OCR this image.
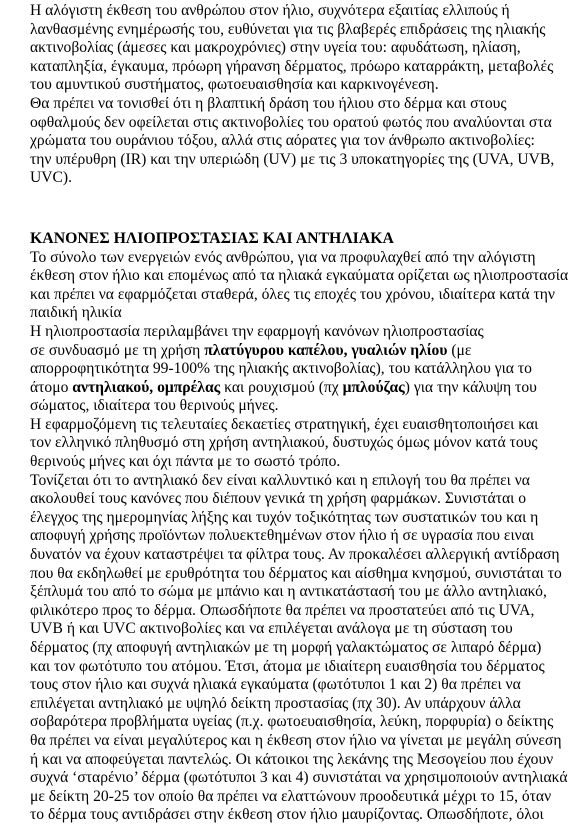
Η αλόγιστη έκθεση του ανθρώπου στον ήλιο, συχνότερα εξαιτίας ελλιπούς ή
λανθασμένης ενημέρωσής του, ευθύνεται για τις βλαβερές επιδράσεις της ηλιακής
ακτινοβολίας (άμεσες και μακροχρόνιες) στην υγεία του: αφυδάτωση, ηλίαση,
καταπληξία, έγκαυμα, πρόωρη γήρανση δέρματος, πρόωρο καταρράκτη, μεταβολές
του αμυντικού συστήματος, φωτοευαισθησία και καρκινογένεση.
Θα πρέπει να τονισθεί ότι η βλαπτική δράση του ήλιου στο δέρμα και στους
οφθαλμούς δεν οφείλεται στις ακτινοβολίες του ορατού φωτός που αναλύονται στα
χρώματα του ουράνιου τόξου, αλλά στις αόρατες για τον άνθρωπο ακτινοβολίες:
την υπέρυθρη (IR) και την υπεριώδη (UV) με τις 3 υποκατηγορίες της (UVA, UVB,
UVC).
ΚΑΝΟΝΕΣ ΗΛΙΟΠΡΟΣΤΑΣΙΑΣ ΚΑΙ ΑΝΤΗΛΙΑΚΑ
Το σύνολο των ενεργειών ενός ανθρώπου, για να προφυλαχθεί από την αλόγιστη
έκθεση στον ήλιο και επομένως από τα ηλιακά εγκαύματα ορίζεται ως ηλιοπροστασία
και πρέπει να εφαρμόζεται σταθερά, όλες τις εποχές του χρόνου, ιδιαίτερα κατά την
παιδική ηλικία
Η ηλιοπροστασία περιλαμβάνει την εφαρμογή κανόνων ηλιοπροστασίας
σε συνδυασμό με τη χρήση πλατύγυρου καπέλου, γυαλιών ηλίου (με
απορροφητικότητα 99-100% της ηλιακής ακτινοβολίας), του κατάλληλου για το
άτομο αντηλιακού, ομπρέλας και ρουχισμού (πχ μπλούζας) για την κάλυψη του
σώματος, ιδιαίτερα του θερινούς μήνες.
Η εφαρμοζόμενη τις τελευταίες δεκαετίες στρατηγική, έχει ευαισθητοποιήσει και
τον ελληνικό πληθυσμό στη χρήση αντηλιακού, δυστυχώς όμως μόνον κατά τους
θερινούς μήνες και όχι πάντα με το σωστό τρόπο.
Τονίζεται ότι το αντηλιακό δεν είναι καλλυντικό και η επιλογή του θα πρέπει να
ακολουθεί τους κανόνες που διέπουν γενικά τη χρήση φαρμάκων. Συνιστάται ο
έλεγχος της ημερομηνίας λήξης και τυχόν τοξικότητας των συστατικών του και η
αποφυγή χρήσης προϊόντων πολυεκτεθημένων στον ήλιο ή σε υγρασία που ειναι
δυνατόν να έχουν καταστρέψει τα φίλτρα τους. Αν προκαλέσει αλλεργική αντίδραση
που θα εκδηλωθεί με ερυθρότητα του δέρματος και αίσθημα κνησμού, συνιστάται το
ξέπλυμά του από το σώμα με μπάνιο και η αντικατάστασή του με άλλο αντηλιακό,
φιλικότερο προς το δέρμα. Οπωσδήποτε θα πρέπει να προστατεύει από τις UVA,
UVB ή και UVC ακτινοβολίες και να επιλέγεται ανάλογα με τη σύσταση του
δέρματος (πχ αποφυγή αντηλιακών με τη μορφή γαλακτώματος σε λιπαρό δέρμα)
και τον φωτότυπο του ατόμου. Έτσι, άτομα με ιδιαίτερη ευαισθησία του δέρματος
τους στον ήλιο και συχνά ηλιακά εγκαύματα (φωτότυποι 1 και 2) θα πρέπει να
επιλέγεται αντηλιακό με υψηλό δείκτη προστασίας (πχ 30). Αν υπάρχουν άλλα
σοβαρότερα προβλήματα υγείας (π.χ. φωτοευαισθησία, λεύκη, πορφυρία) ο δείκτης
θα πρέπει να είναι μεγαλύτερος και η έκθεση στον ήλιο να γίνεται με μεγάλη σύνεση
ή και να αποφεύγεται παντελώς. Οι κάτοικοι της λεκάνης της Μεσογείου που έχουν
συχνά ‘σταρένιο’ δέρμα (φωτότυποι 3 και 4) συνιστάται να χρησιμοποιούν αντηλιακά
με δείκτη 20-25 τον οποίο θα πρέπει να ελαττώνουν προοδευτικά μέχρι το 15, όταν
το δέρμα τους αντιδράσει στην έκθεση στον ήλιο μαυρίζοντας. Οπωσδήποτε, όλοι
